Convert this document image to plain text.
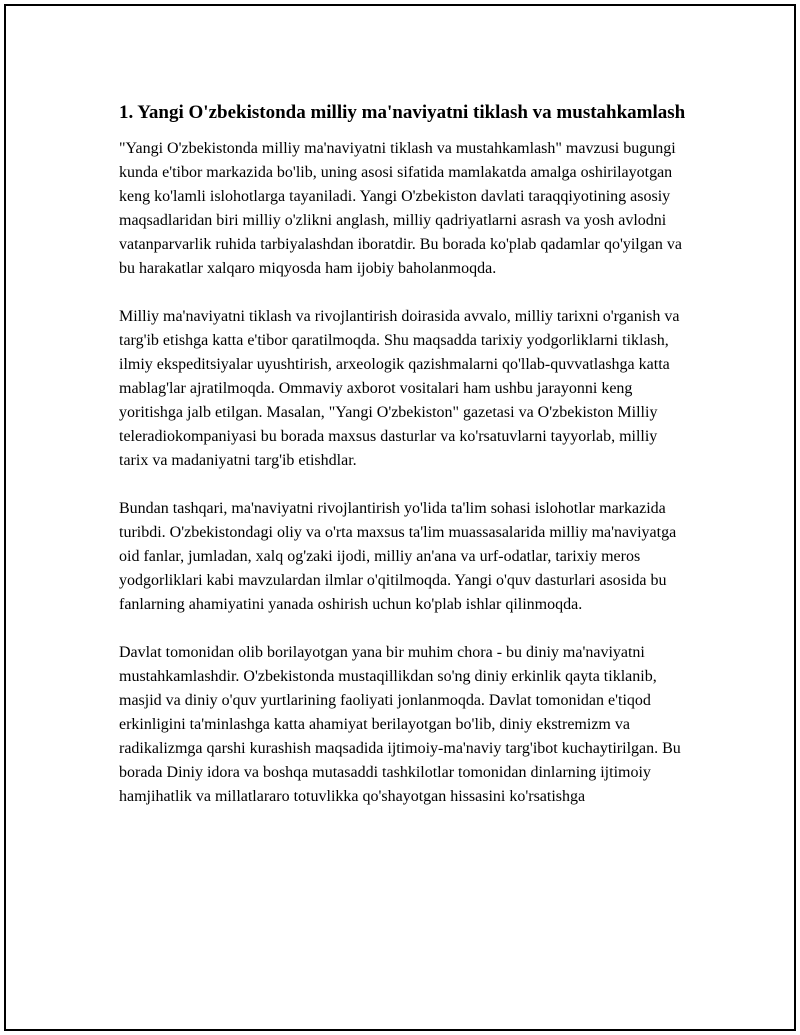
1. Yangi O'zbekistonda milliy ma'naviyatni tiklash va mustahkamlash

"Yangi O'zbekistonda milliy ma'naviyatni tiklash va mustahkamlash" mavzusi bugungi kunda e'tibor markazida bo'lib, uning asosi sifatida mamlakatda amalga oshirilayotgan keng ko'lamli islohotlarga tayaniladi. Yangi O'zbekiston davlati taraqqiyotining asosiy maqsadlaridan biri milliy o'zlikni anglash, milliy qadriyatlarni asrash va yosh avlodni vatanparvarlik ruhida tarbiyalashdan iboratdir. Bu borada ko'plab qadamlar qo'yilgan va bu harakatlar xalqaro miqyosda ham ijobiy baholanmoqda.

Milliy ma'naviyatni tiklash va rivojlantirish doirasida avvalo, milliy tarixni o'rganish va targ'ib etishga katta e'tibor qaratilmoqda. Shu maqsadda tarixiy yodgorliklarni tiklash, ilmiy ekspeditsiyalar uyushtirish, arxeologik qazishmalarni qo'llab-quvvatlashga katta mablag'lar ajratilmoqda. Ommaviy axborot vositalari ham ushbu jarayonni keng yoritishga jalb etilgan. Masalan, "Yangi O'zbekiston" gazetasi va O'zbekiston Milliy teleradiokompaniyasi bu borada maxsus dasturlar va ko'rsatuvlarni tayyorlab, milliy tarix va madaniyatni targ'ib etishdlar.

Bundan tashqari, ma'naviyatni rivojlantirish yo'lida ta'lim sohasi islohotlar markazida turibdi. O'zbekistondagi oliy va o'rta maxsus ta'lim muassasalarida milliy ma'naviyatga oid fanlar, jumladan, xalq og'zaki ijodi, milliy an'ana va urf-odatlar, tarixiy meros yodgorliklari kabi mavzulardan ilmlar o'qitilmoqda. Yangi o'quv dasturlari asosida bu fanlarning ahamiyatini yanada oshirish uchun ko'plab ishlar qilinmoqda.

Davlat tomonidan olib borilayotgan yana bir muhim chora - bu diniy ma'naviyatni mustahkamlashdir. O'zbekistonda mustaqillikdan so'ng diniy erkinlik qayta tiklanib, masjid va diniy o'quv yurtlarining faoliyati jonlanmoqda. Davlat tomonidan e'tiqod erkinligini ta'minlashga katta ahamiyat berilayotgan bo'lib, diniy ekstremizm va radikalizmga qarshi kurashish maqsadida ijtimoiy-ma'naviy targ'ibot kuchaytirilgan. Bu borada Diniy idora va boshqa mutasaddi tashkilotlar tomonidan dinlarning ijtimoiy hamjihatlik va millatlararo totuvlikka qo'shayotgan hissasini ko'rsatishga
